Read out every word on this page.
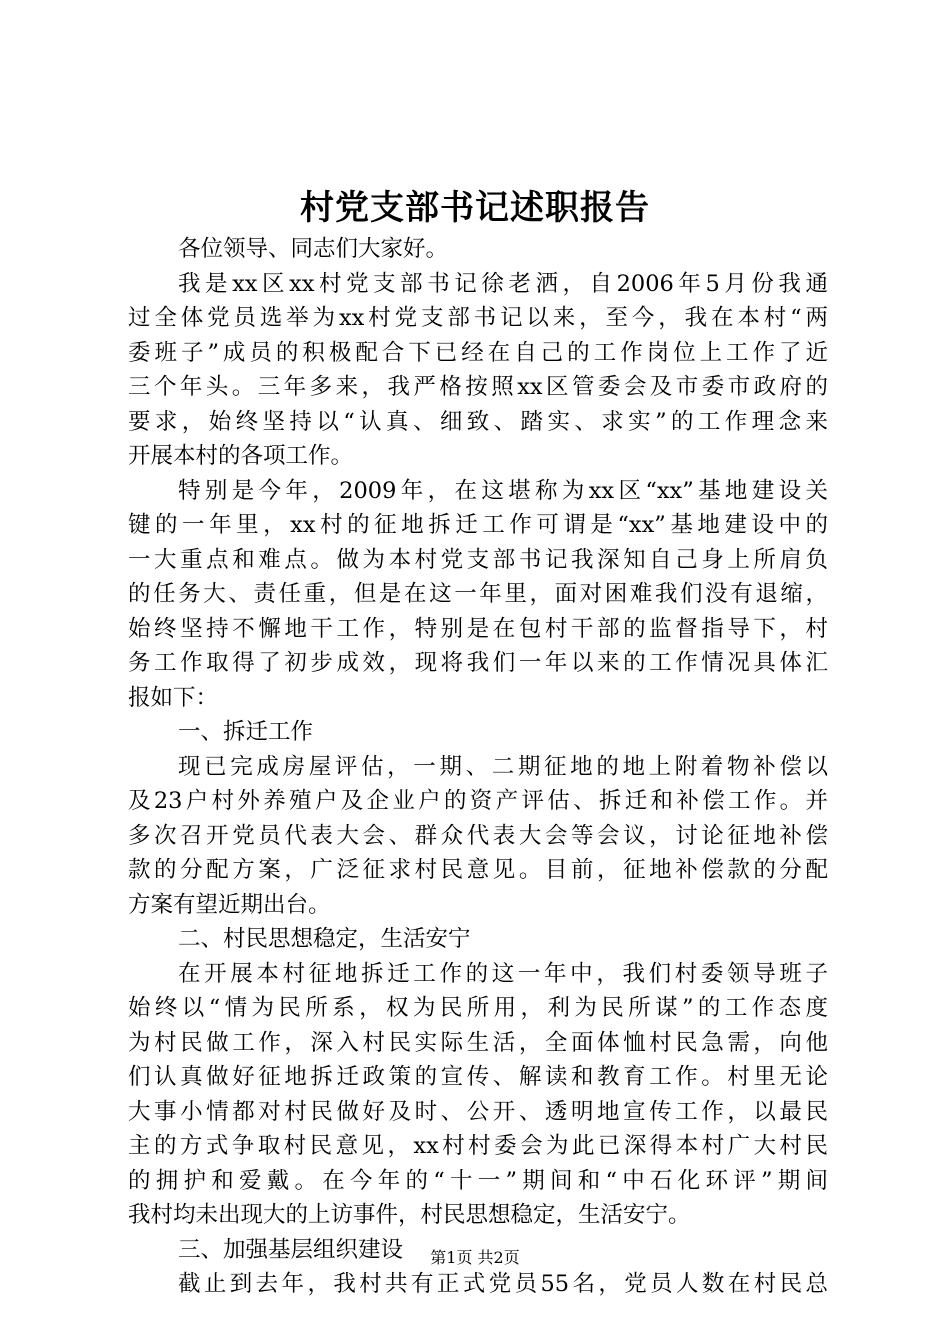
村党支部书记述职报告
各位领导、同志们大家好。
我是xx区xx村党支部书记徐老洒，自2006年5月份我通
过全体党员选举为xx村党支部书记以来，至今，我在本村“两
委班子”成员的积极配合下已经在自己的工作岗位上工作了近
三个年头。三年多来，我严格按照xx区管委会及市委市政府的
要求，始终坚持以“认真、细致、踏实、求实”的工作理念来
开展本村的各项工作。
特别是今年，2009年，在这堪称为xx区“xx”基地建设关
键的一年里，xx村的征地拆迁工作可谓是“xx”基地建设中的
一大重点和难点。做为本村党支部书记我深知自己身上所肩负
的任务大、责任重，但是在这一年里，面对困难我们没有退缩，
始终坚持不懈地干工作，特别是在包村干部的监督指导下，村
务工作取得了初步成效，现将我们一年以来的工作情况具体汇
报如下：
一、拆迁工作
现已完成房屋评估，一期、二期征地的地上附着物补偿以
及23户村外养殖户及企业户的资产评估、拆迁和补偿工作。并
多次召开党员代表大会、群众代表大会等会议，讨论征地补偿
款的分配方案，广泛征求村民意见。目前，征地补偿款的分配
方案有望近期出台。
二、村民思想稳定，生活安宁
在开展本村征地拆迁工作的这一年中，我们村委领导班子
始终以“情为民所系，权为民所用，利为民所谋”的工作态度
为村民做工作，深入村民实际生活，全面体恤村民急需，向他
们认真做好征地拆迁政策的宣传、解读和教育工作。村里无论
大事小情都对村民做好及时、公开、透明地宣传工作，以最民
主的方式争取村民意见，xx村村委会为此已深得本村广大村民
的拥护和爱戴。在今年的“十一”期间和“中石化环评”期间
我村均未出现大的上访事件，村民思想稳定，生活安宁。
三、加强基层组织建设
截止到去年，我村共有正式党员55名，党员人数在村民总
第1页 共2页
